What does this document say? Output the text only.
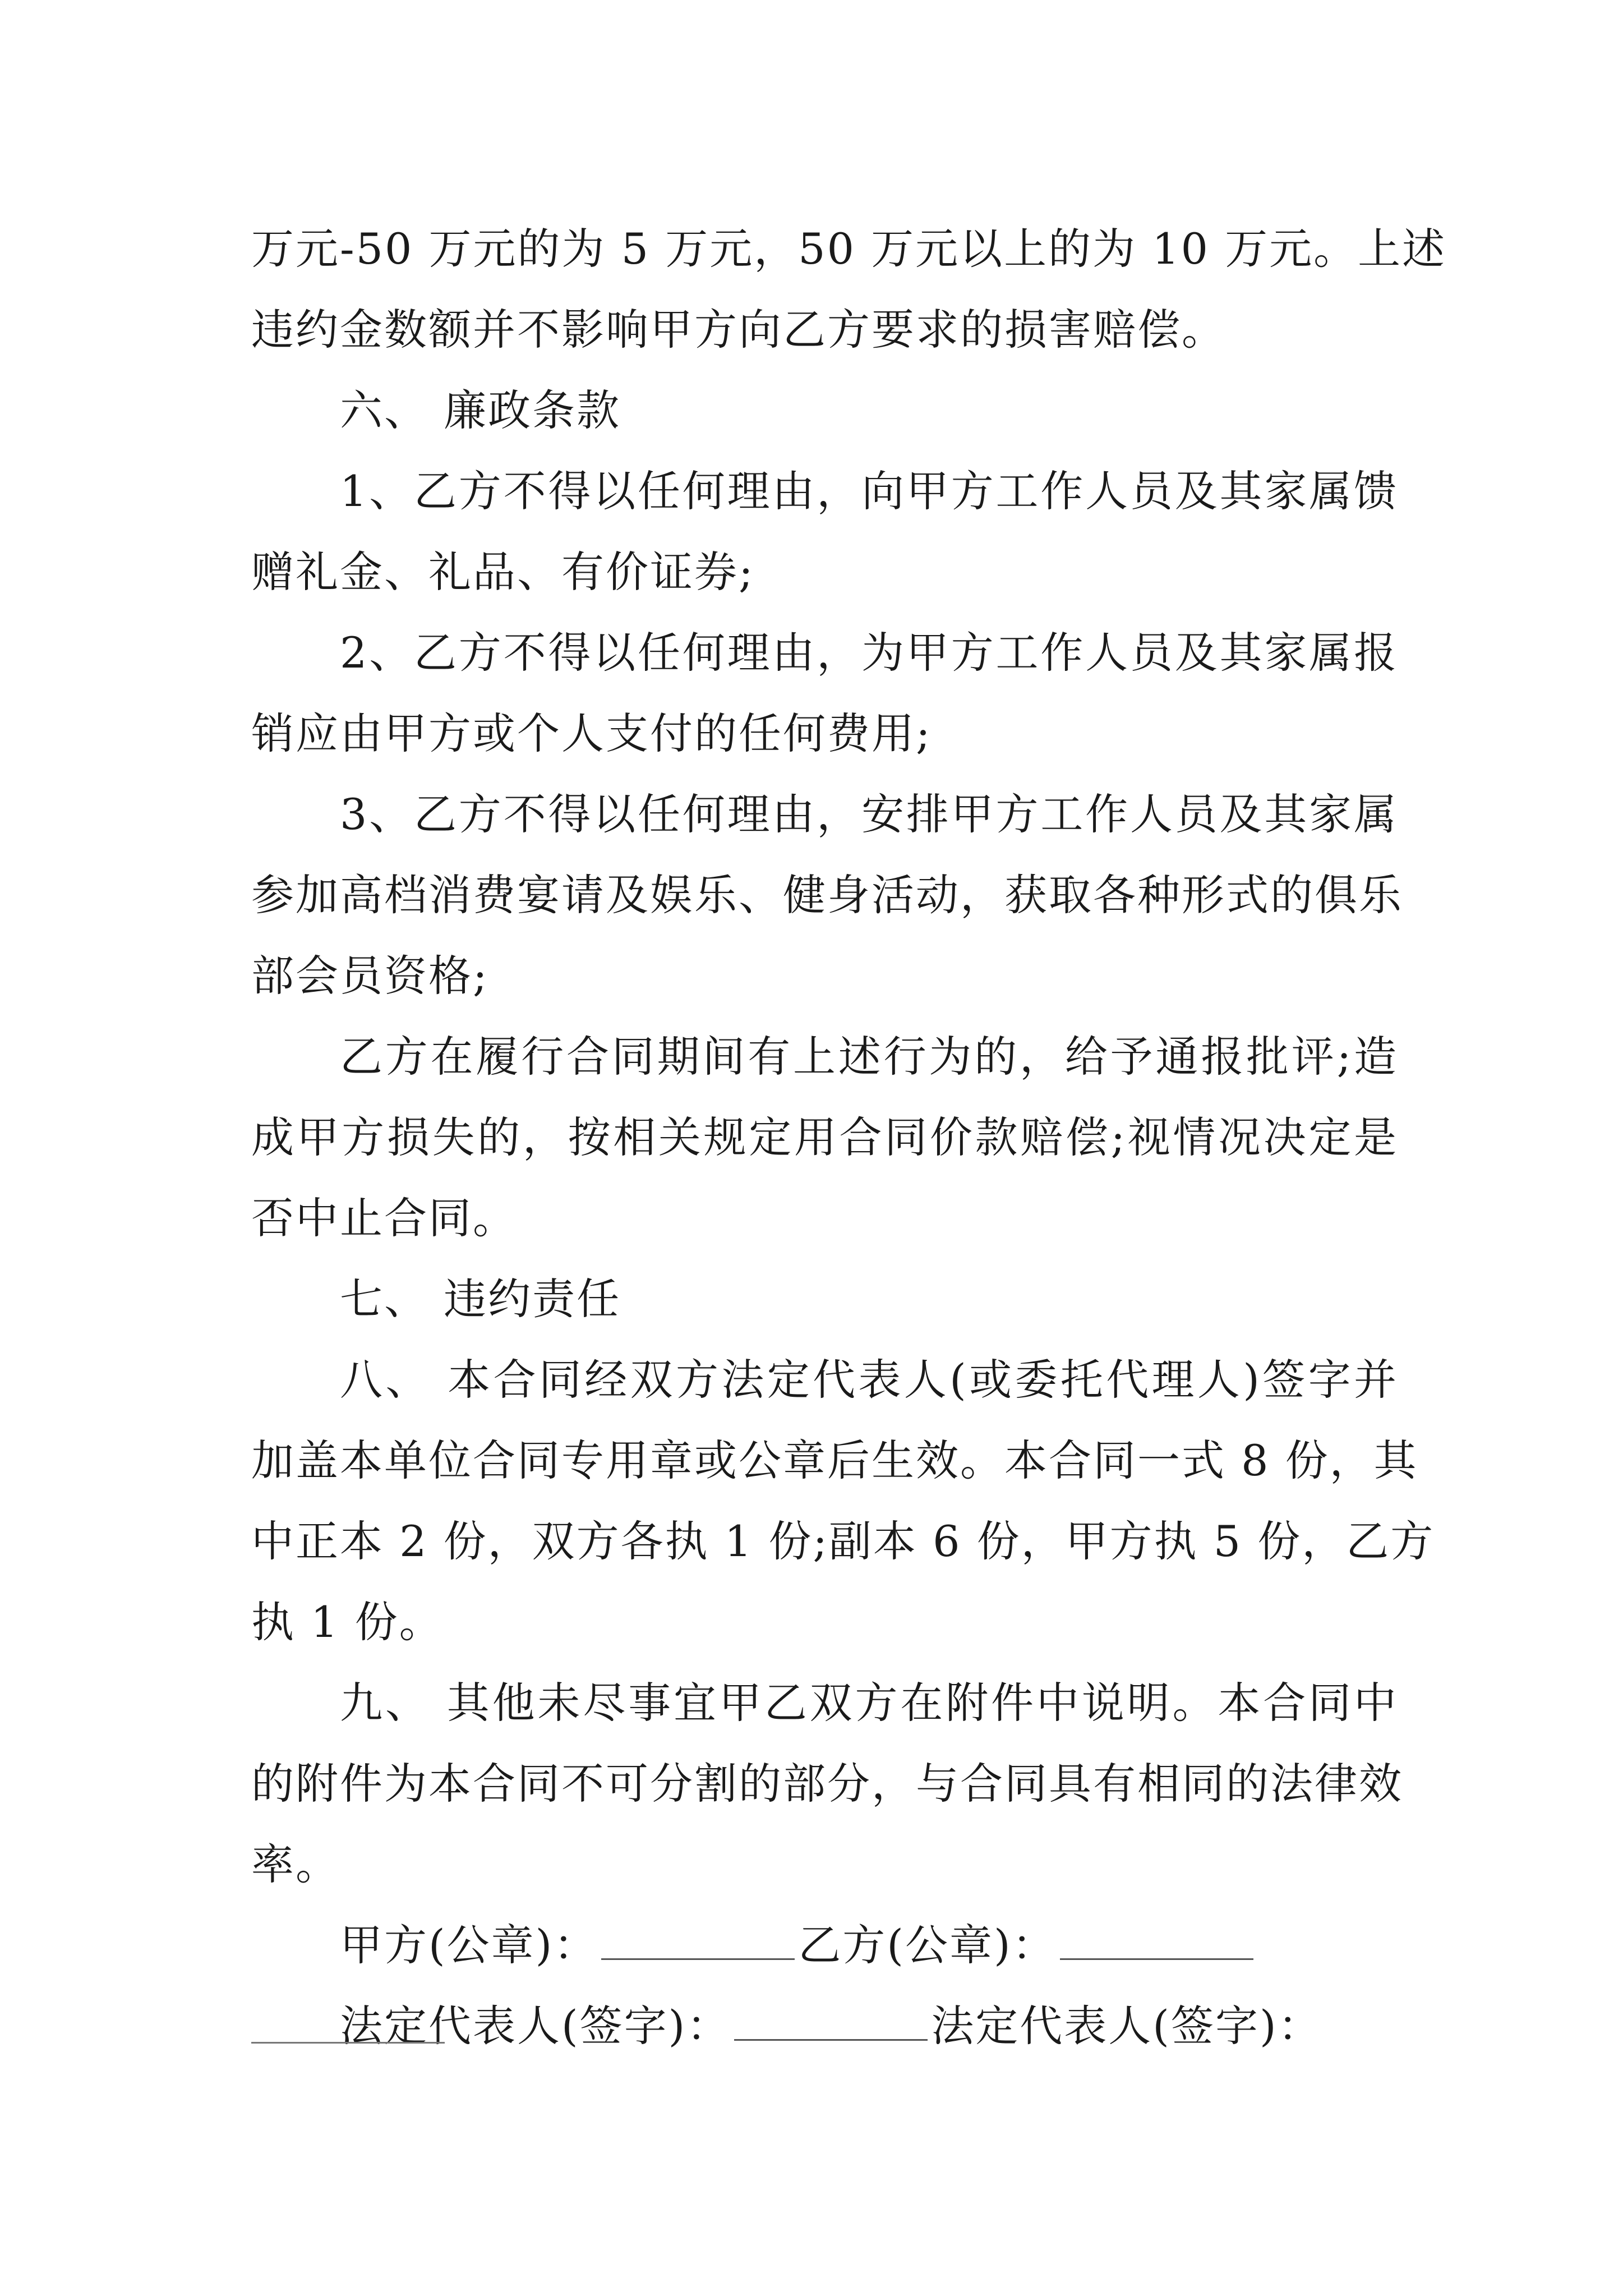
万元-50 万元的为 5 万元，50 万元以上的为 10 万元。上述
违约金数额并不影响甲方向乙方要求的损害赔偿。
六、 廉政条款
1、乙方不得以任何理由，向甲方工作人员及其家属馈
赠礼金、礼品、有价证券;
2、乙方不得以任何理由，为甲方工作人员及其家属报
销应由甲方或个人支付的任何费用;
3、乙方不得以任何理由，安排甲方工作人员及其家属
参加高档消费宴请及娱乐、健身活动，获取各种形式的俱乐
部会员资格;
乙方在履行合同期间有上述行为的，给予通报批评;造
成甲方损失的，按相关规定用合同价款赔偿;视情况决定是
否中止合同。
七、 违约责任
八、 本合同经双方法定代表人(或委托代理人)签字并
加盖本单位合同专用章或公章后生效。本合同一式 8 份，其
中正本 2 份，双方各执 1 份;副本 6 份，甲方执 5 份，乙方
执 1 份。
九、 其他未尽事宜甲乙双方在附件中说明。本合同中
的附件为本合同不可分割的部分，与合同具有相同的法律效
率。
甲方(公章)：	乙方(公章)：
法定代表人(签字)：	法定代表人(签字)：
